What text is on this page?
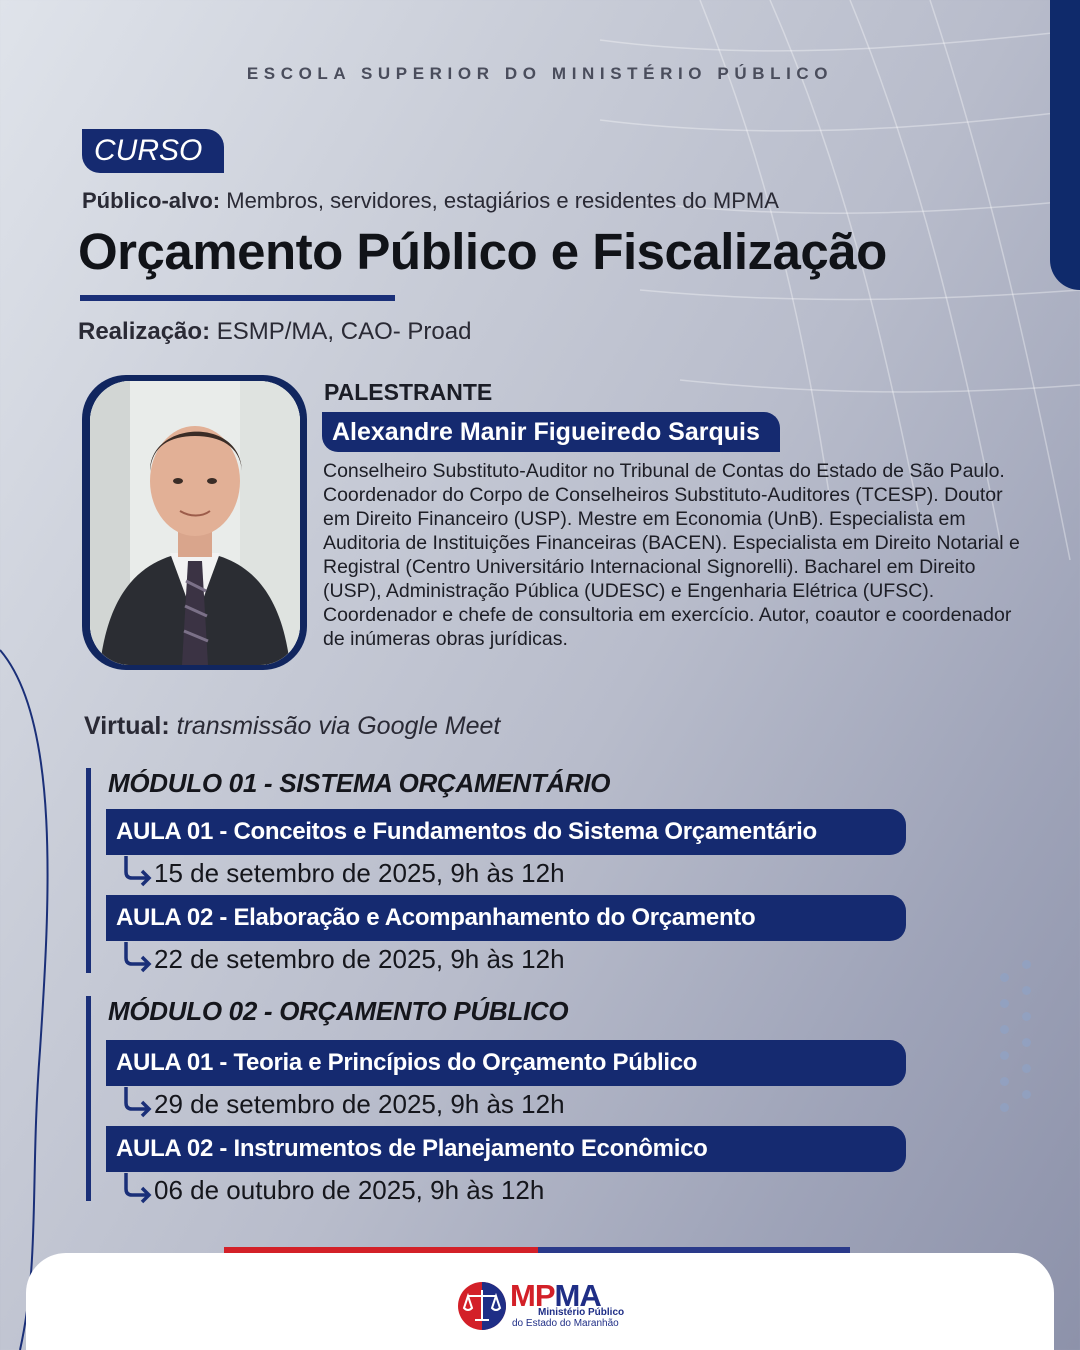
ESCOLA SUPERIOR DO MINISTÉRIO PÚBLICO
CURSO
Público-alvo: Membros, servidores, estagiários e residentes do MPMA
Orçamento Público e Fiscalização
Realização: ESMP/MA, CAO- Proad
PALESTRANTE
Alexandre Manir Figueiredo Sarquis
Conselheiro Substituto-Auditor no Tribunal de Contas do Estado de São Paulo. Coordenador do Corpo de Conselheiros Substituto-Auditores (TCESP). Doutor em Direito Financeiro (USP). Mestre em Economia (UnB). Especialista em Auditoria de Instituições Financeiras (BACEN). Especialista em Direito Notarial e Registral (Centro Universitário Internacional Signorelli). Bacharel em Direito (USP), Administração Pública (UDESC) e Engenharia Elétrica (UFSC). Coordenador e chefe de consultoria em exercício. Autor, coautor e coordenador de inúmeras obras jurídicas.
Virtual: transmissão via Google Meet
MÓDULO 01 - SISTEMA ORÇAMENTÁRIO
AULA 01 - Conceitos e Fundamentos do Sistema Orçamentário
15 de setembro de 2025, 9h às 12h
AULA 02 - Elaboração e Acompanhamento do Orçamento
22 de setembro de 2025, 9h às 12h
MÓDULO 02 - ORÇAMENTO PÚBLICO
AULA 01 - Teoria e Princípios do Orçamento Público
29 de setembro de 2025, 9h às 12h
AULA 02 - Instrumentos de Planejamento Econômico
06 de outubro de 2025, 9h às 12h
MPMA
Ministério Público
do Estado do Maranhão
